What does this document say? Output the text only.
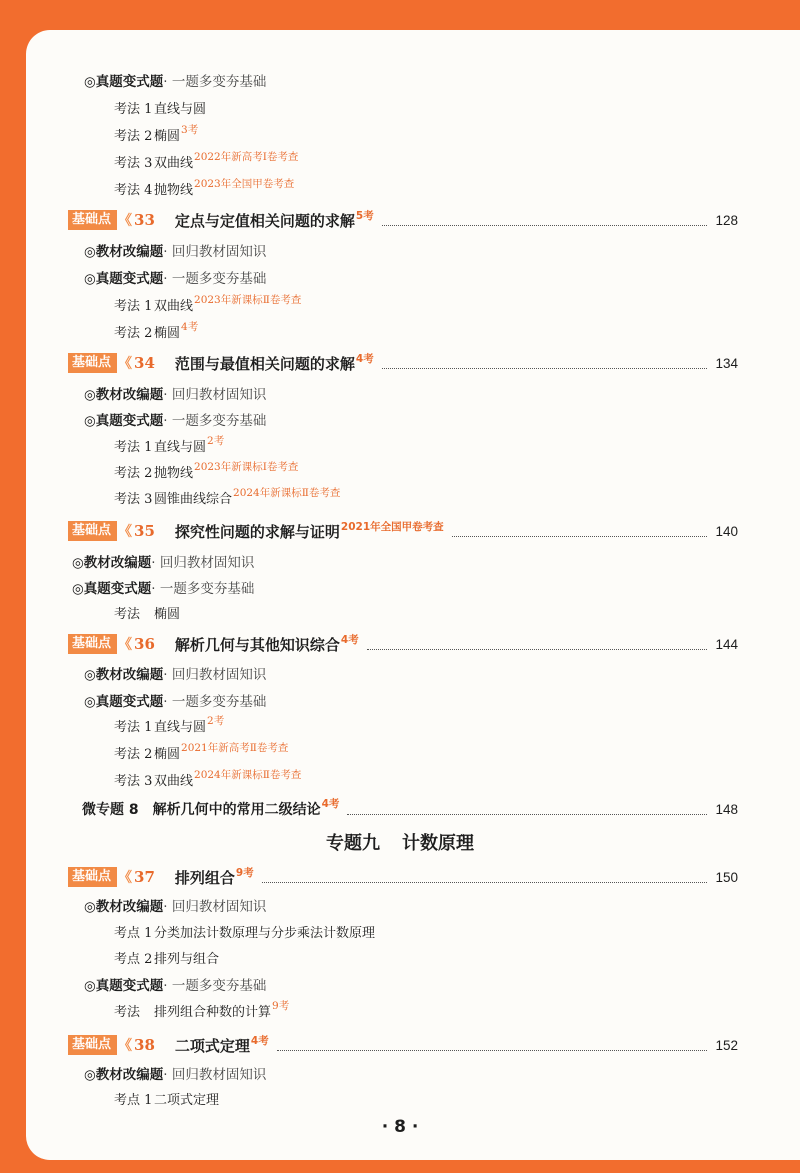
◎真题变式题· 一题多变夯基础
考法 1 直线与圆
考法 2 椭圆$^{3考}$
考法 3 双曲线$^{2022年新高考Ⅰ卷考查}$
考法 4 抛物线$^{2023年全国甲卷考查}$
基础点 《 33 定点与定值相关问题的求解$^{5考}$	128
◎教材改编题· 回归教材固知识
◎真题变式题· 一题多变夯基础
考法 1 双曲线$^{2023年新课标Ⅱ卷考查}$
考法 2 椭圆$^{4考}$
基础点 《 34 范围与最值相关问题的求解$^{4考}$	134
◎教材改编题· 回归教材固知识
◎真题变式题· 一题多变夯基础
考法 1 直线与圆$^{2考}$
考法 2 抛物线$^{2023年新课标Ⅰ卷考查}$
考法 3 圆锥曲线综合$^{2024年新课标Ⅱ卷考查}$
基础点 《 35 探究性问题的求解与证明$^{2021年全国甲卷考查}$	140
◎教材改编题· 回归教材固知识
◎真题变式题· 一题多变夯基础
考法 椭圆
基础点 《 36 解析几何与其他知识综合$^{4考}$	144
◎教材改编题· 回归教材固知识
◎真题变式题· 一题多变夯基础
考法 1 直线与圆$^{2考}$
考法 2 椭圆$^{2021年新高考Ⅱ卷考查}$
考法 3 双曲线$^{2024年新课标Ⅱ卷考查}$
微专题 8 解析几何中的常用二级结论$^{4考}$	148
专题九 计数原理
基础点 《 37 排列组合$^{9考}$	150
◎教材改编题· 回归教材固知识
考点 1 分类加法计数原理与分步乘法计数原理
考点 2 排列与组合
◎真题变式题· 一题多变夯基础
考法 排列组合种数的计算$^{9考}$
基础点 《 38 二项式定理$^{4考}$	152
◎教材改编题· 回归教材固知识
考点 1 二项式定理
· 8 ·
